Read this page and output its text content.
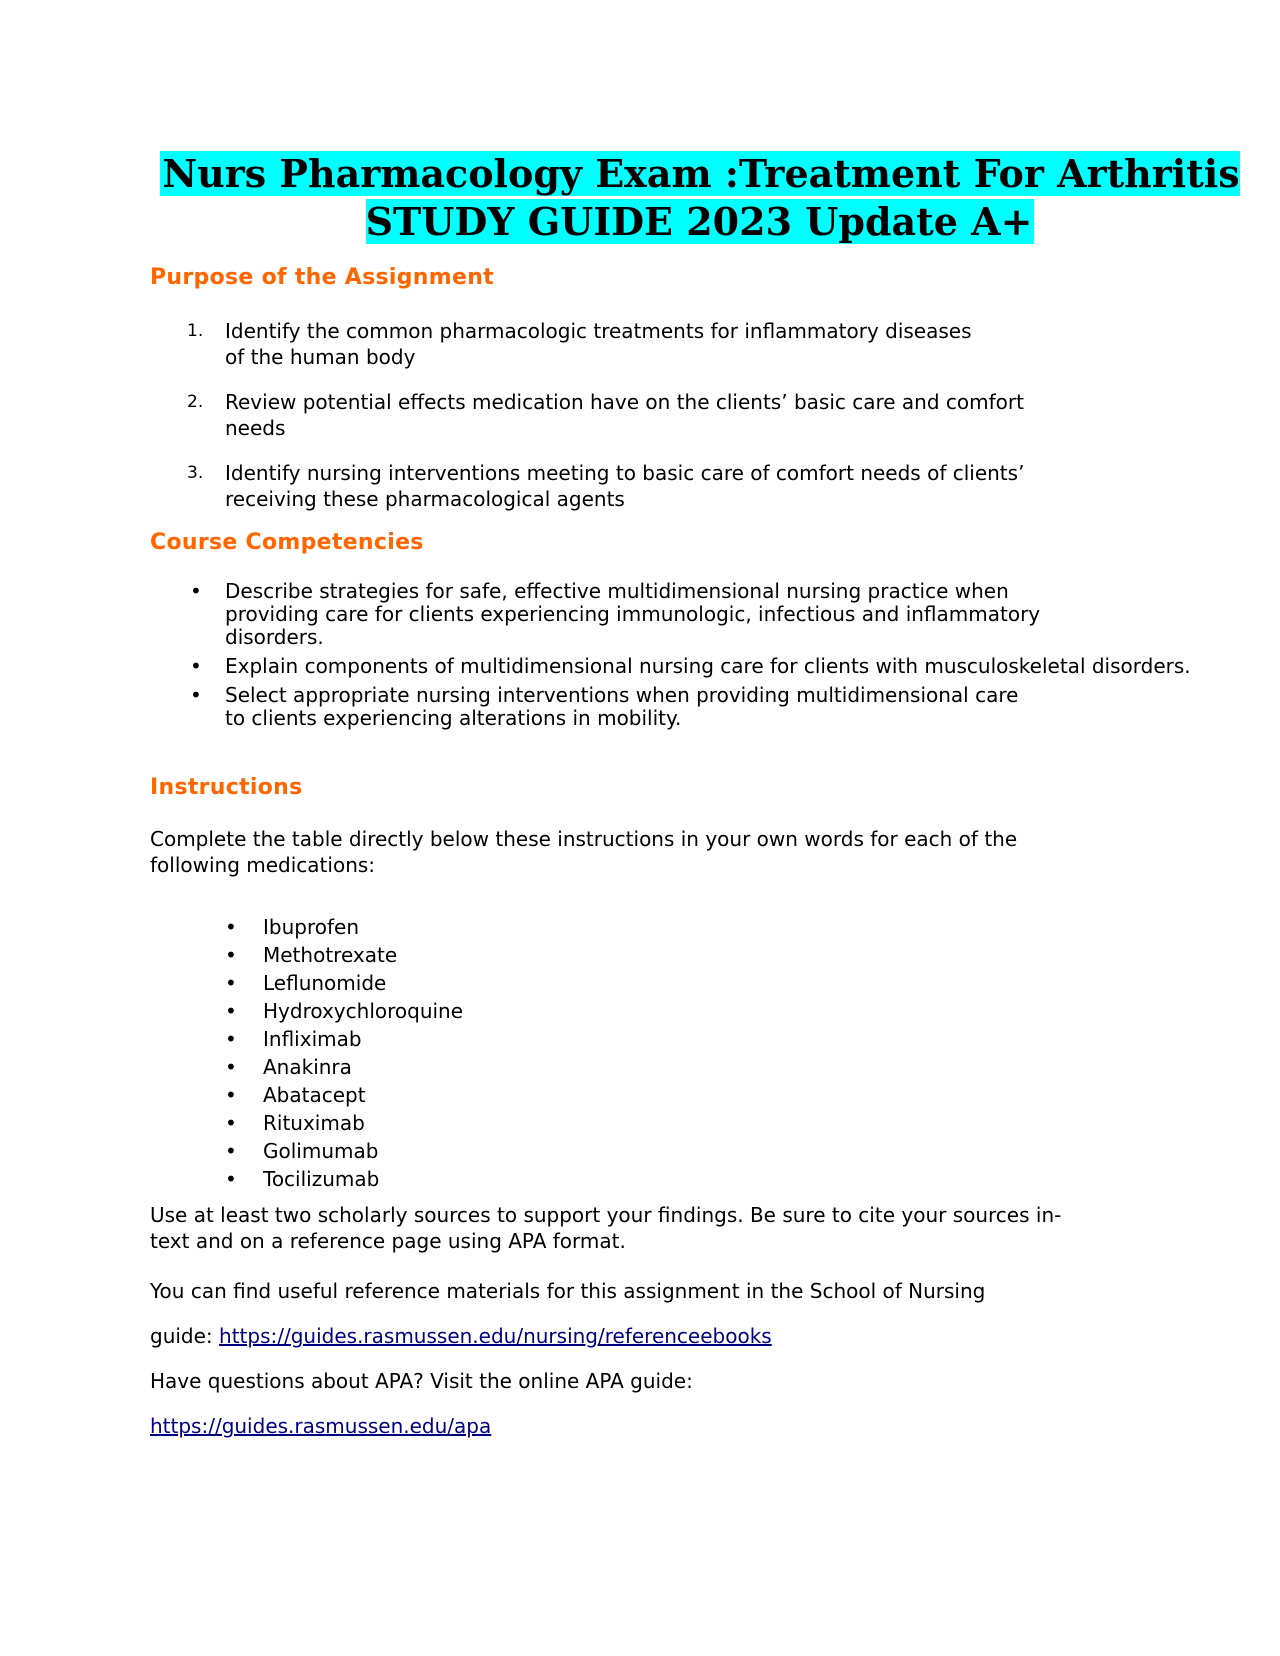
Nurs Pharmacology Exam :Treatment For Arthritis STUDY GUIDE 2023 Update A+
Purpose of the Assignment
1. Identify the common pharmacologic treatments for inflammatory diseases of the human body
2. Review potential effects medication have on the clients’ basic care and comfort needs
3. Identify nursing interventions meeting to basic care of comfort needs of clients’ receiving these pharmacological agents
Course Competencies
• Describe strategies for safe, effective multidimensional nursing practice when providing care for clients experiencing immunologic, infectious and inflammatory disorders.
• Explain components of multidimensional nursing care for clients with musculoskeletal disorders.
• Select appropriate nursing interventions when providing multidimensional care to clients experiencing alterations in mobility.
Instructions
Complete the table directly below these instructions in your own words for each of the following medications:
• Ibuprofen
• Methotrexate
• Leflunomide
• Hydroxychloroquine
• Infliximab
• Anakinra
• Abatacept
• Rituximab
• Golimumab
• Tocilizumab
Use at least two scholarly sources to support your findings. Be sure to cite your sources in- text and on a reference page using APA format.
You can find useful reference materials for this assignment in the School of Nursing
guide: https://guides.rasmussen.edu/nursing/referenceebooks
Have questions about APA? Visit the online APA guide:
https://guides.rasmussen.edu/apa
